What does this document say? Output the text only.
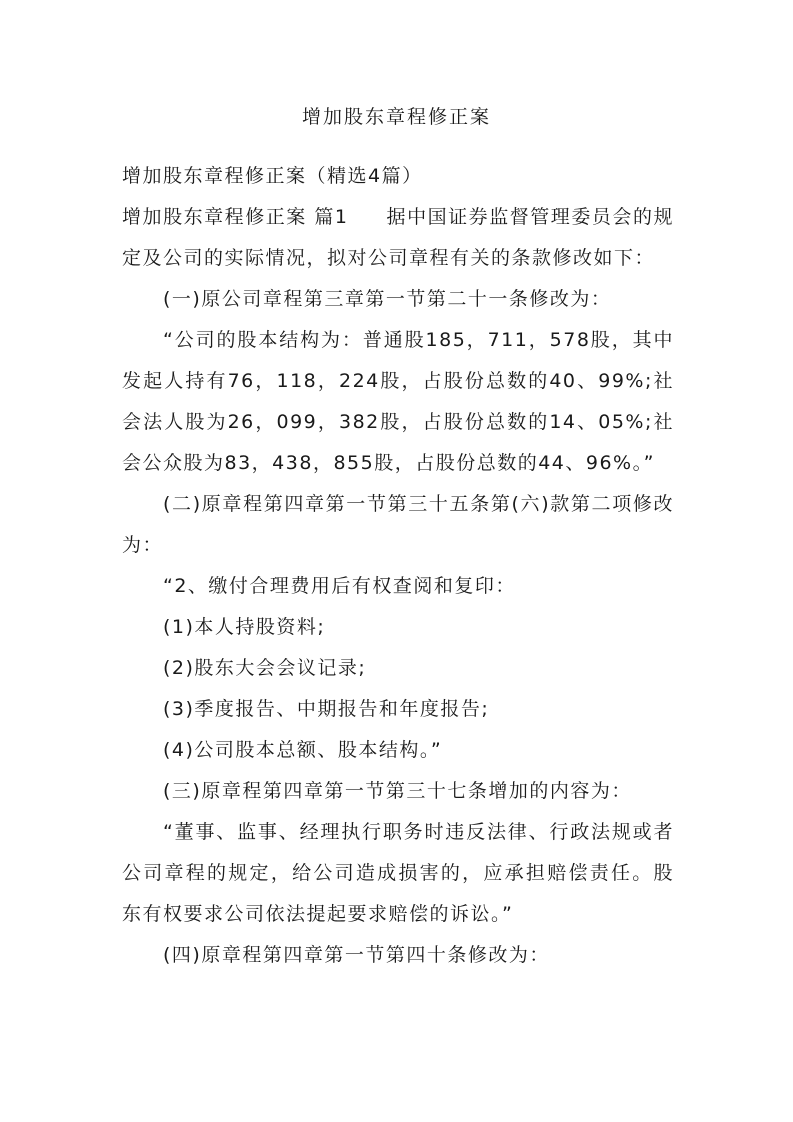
增加股东章程修正案

增加股东章程修正案（精选4篇）

增加股东章程修正案 篇1 据中国证券监督管理委员会的规定及公司的实际情况，拟对公司章程有关的条款修改如下：

(一)原公司章程第三章第一节第二十一条修改为：

“公司的股本结构为：普通股185，711，578股，其中发起人持有76，118，224股，占股份总数的40、99%;社会法人股为26，099，382股，占股份总数的14、05%;社会公众股为83，438，855股，占股份总数的44、96%。”

(二)原章程第四章第一节第三十五条第(六)款第二项修改为：

“2、缴付合理费用后有权查阅和复印：

(1)本人持股资料;

(2)股东大会会议记录;

(3)季度报告、中期报告和年度报告;

(4)公司股本总额、股本结构。”

(三)原章程第四章第一节第三十七条增加的内容为：

“董事、监事、经理执行职务时违反法律、行政法规或者公司章程的规定，给公司造成损害的，应承担赔偿责任。股东有权要求公司依法提起要求赔偿的诉讼。”

(四)原章程第四章第一节第四十条修改为：
